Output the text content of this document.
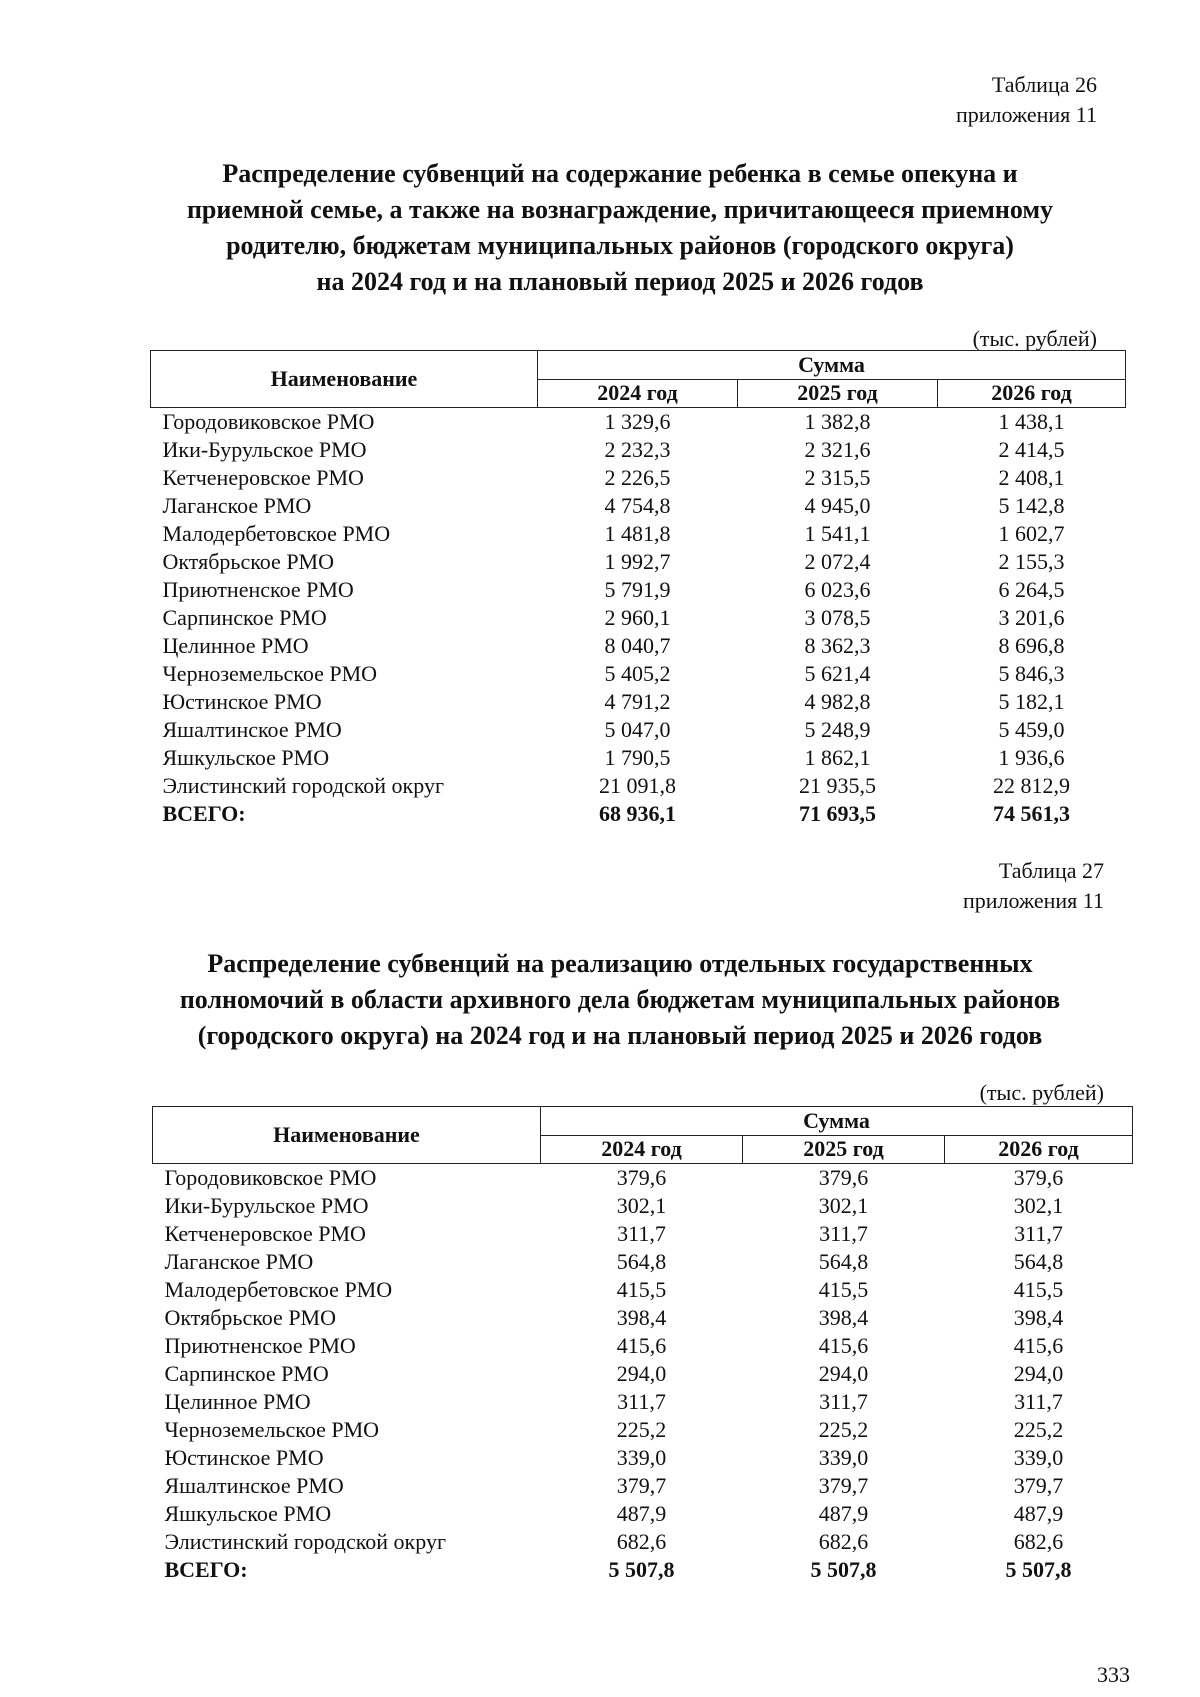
Таблица 26
приложения 11
Распределение субвенций на содержание ребенка в семье опекуна и
приемной семье, а также на вознаграждение, причитающееся приемному
родителю, бюджетам муниципальных районов (городского округа)
на 2024 год и на плановый период 2025 и 2026 годов
(тыс. рублей)
Наименование	Сумма		
	2024 год	2025 год	2026 год
Городовиковское РМО	1 329,6	1 382,8	1 438,1
Ики-Бурульское РМО	2 232,3	2 321,6	2 414,5
Кетченеровское РМО	2 226,5	2 315,5	2 408,1
Лаганское РМО	4 754,8	4 945,0	5 142,8
Малодербетовское РМО	1 481,8	1 541,1	1 602,7
Октябрьское РМО	1 992,7	2 072,4	2 155,3
Приютненское РМО	5 791,9	6 023,6	6 264,5
Сарпинское РМО	2 960,1	3 078,5	3 201,6
Целинное РМО	8 040,7	8 362,3	8 696,8
Черноземельское РМО	5 405,2	5 621,4	5 846,3
Юстинское РМО	4 791,2	4 982,8	5 182,1
Яшалтинское РМО	5 047,0	5 248,9	5 459,0
Яшкульское РМО	1 790,5	1 862,1	1 936,6
Элистинский городской округ	21 091,8	21 935,5	22 812,9
ВСЕГО:	68 936,1	71 693,5	74 561,3
Таблица 27
приложения 11
Распределение субвенций на реализацию отдельных государственных
полномочий в области архивного дела бюджетам муниципальных районов
(городского округа) на 2024 год и на плановый период 2025 и 2026 годов
(тыс. рублей)
Наименование	Сумма		
	2024 год	2025 год	2026 год
Городовиковское РМО	379,6	379,6	379,6
Ики-Бурульское РМО	302,1	302,1	302,1
Кетченеровское РМО	311,7	311,7	311,7
Лаганское РМО	564,8	564,8	564,8
Малодербетовское РМО	415,5	415,5	415,5
Октябрьское РМО	398,4	398,4	398,4
Приютненское РМО	415,6	415,6	415,6
Сарпинское РМО	294,0	294,0	294,0
Целинное РМО	311,7	311,7	311,7
Черноземельское РМО	225,2	225,2	225,2
Юстинское РМО	339,0	339,0	339,0
Яшалтинское РМО	379,7	379,7	379,7
Яшкульское РМО	487,9	487,9	487,9
Элистинский городской округ	682,6	682,6	682,6
ВСЕГО:	5 507,8	5 507,8	5 507,8
333
